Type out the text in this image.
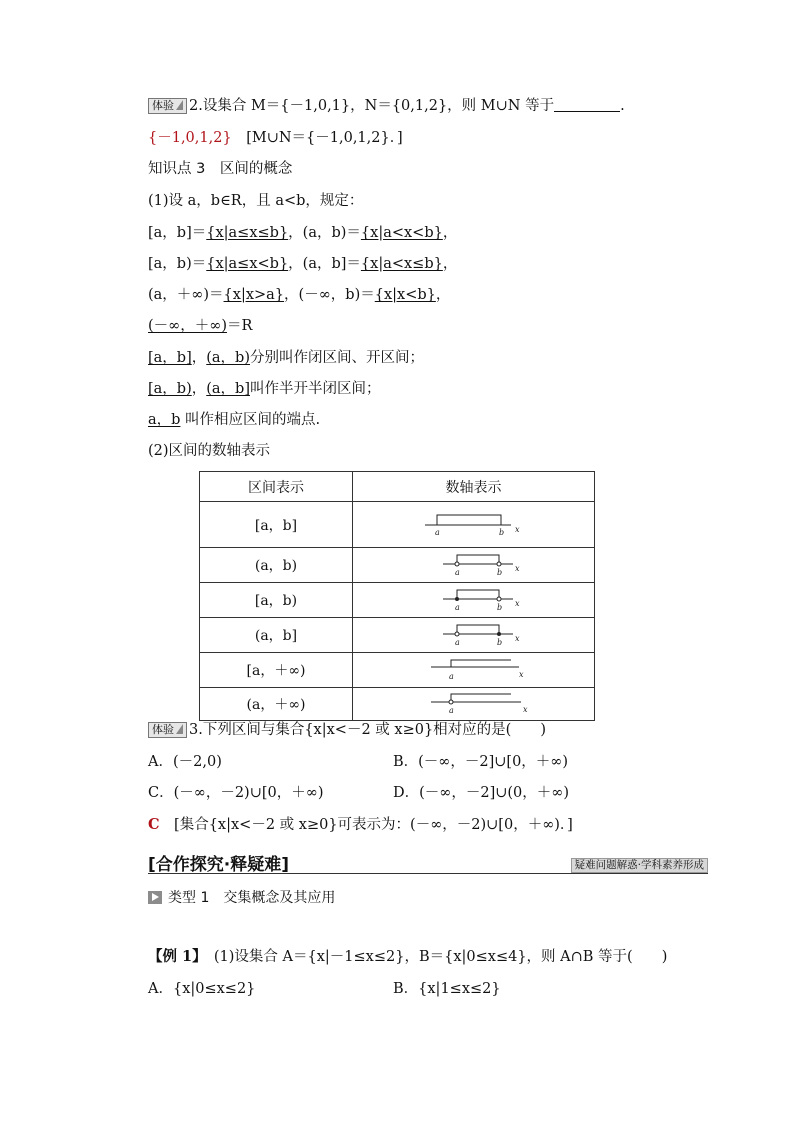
体验 2.设集合 M＝{－1,0,1}，N＝{0,1,2}，则 M∪N 等于	.
{－1,0,1,2}  [M∪N＝{－1,0,1,2}．]
知识点 3　区间的概念
(1)设 a，b∈R，且 a<b，规定：
[a，b]＝{x|a≤x≤b}，(a，b)＝{x|a<x<b}，
[a，b)＝{x|a≤x<b}，(a，b]＝{x|a<x≤b}，
(a，＋∞)＝{x|x>a}，(－∞，b)＝{x|x<b}，
(－∞，＋∞)＝R
[a，b]，(a，b)分别叫作闭区间、开区间；
[a，b)，(a，b]叫作半开半闭区间；
a，b 叫作相应区间的端点.
(2)区间的数轴表示
区间表示	数轴表示
[a，b]	a b x

(a，b)	a b x

[a，b)	a b x

(a，b]	a b x

[a，＋∞)	a x

(a，＋∞)	a x
体验 3.下列区间与集合{x|x<－2 或 x≥0}相对应的是(　　)
A．(－2,0)	B．(－∞，－2]∪[0，＋∞)
C．(－∞，－2)∪[0，＋∞)	D．(－∞，－2]∪(0，＋∞)
C  [集合{x|x<－2 或 x≥0}可表示为：(－∞，－2)∪[0，＋∞)．]
[合作探究·释疑难]	疑难问题解惑·学科素养形成
类型 1　交集概念及其应用
【例 1】  (1)设集合 A＝{x|－1≤x≤2}，B＝{x|0≤x≤4}，则 A∩B 等于(　　)
A．{x|0≤x≤2}	B．{x|1≤x≤2}
